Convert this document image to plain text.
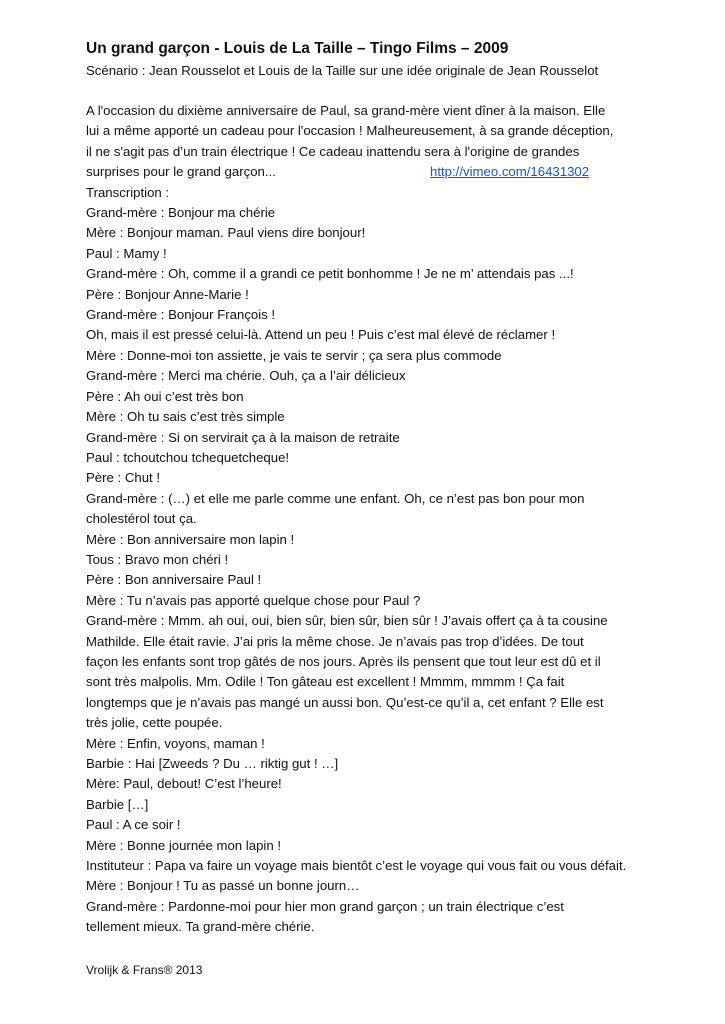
Un grand garçon - Louis de La Taille – Tingo Films – 2009

Scénario : Jean Rousselot et Louis de la Taille sur une idée originale de Jean Rousselot

A l'occasion du dixième anniversaire de Paul, sa grand-mère vient dîner à la maison. Elle
lui a même apporté un cadeau pour l'occasion ! Malheureusement, à sa grande déception,
il ne s'agit pas d’un train électrique ! Ce cadeau inattendu sera à l'origine de grandes
surprises pour le grand garçon...	http://vimeo.com/16431302
Transcription :
Grand-mère : Bonjour ma chérie
Mère : Bonjour maman. Paul viens dire bonjour!
Paul : Mamy !
Grand-mère : Oh, comme il a grandi ce petit bonhomme ! Je ne m’ attendais pas ...!
Père : Bonjour Anne-Marie !
Grand-mère : Bonjour François !
Oh, mais il est pressé celui-là. Attend un peu ! Puis c’est mal élevé de réclamer !
Mère : Donne-moi ton assiette, je vais te servir ; ça sera plus commode
Grand-mère : Merci ma chérie. Ouh, ça a l’air délicieux
Père : Ah oui c’est très bon
Mère : Oh tu sais c’est très simple
Grand-mère : Si on servirait ça à la maison de retraite
Paul : tchoutchou tchequetcheque!
Père : Chut !
Grand-mère : (…) et elle me parle comme une enfant. Oh, ce n’est pas bon pour mon
cholestérol tout ça.
Mère : Bon anniversaire mon lapin !
Tous : Bravo mon chéri !
Père : Bon anniversaire Paul !
Mère : Tu n’avais pas apporté quelque chose pour Paul ?
Grand-mère : Mmm. ah oui, oui, bien sûr, bien sûr, bien sûr ! J’avais offert ça à ta cousine
Mathilde. Elle était ravie. J’ai pris la même chose. Je n’avais pas trop d’idées. De tout
façon les enfants sont trop gâtés de nos jours. Après ils pensent que tout leur est dû et il
sont très malpolis. Mm. Odile ! Ton gâteau est excellent ! Mmmm, mmmm ! Ça fait
longtemps que je n’avais pas mangé un aussi bon. Qu’est-ce qu’il a, cet enfant ? Elle est
très jolie, cette poupée.
Mère : Enfin, voyons, maman !
Barbie : Hai [Zweeds ? Du … riktig gut ! …]
Mère: Paul, debout! C’est l’heure!
Barbie […]
Paul : A ce soir !
Mère : Bonne journée mon lapin !
Instituteur : Papa va faire un voyage mais bientôt c’est le voyage qui vous fait ou vous défait.
Mère : Bonjour ! Tu as passé un bonne journ…
Grand-mère : Pardonne-moi pour hier mon grand garçon ; un train électrique c’est
tellement mieux. Ta grand-mère chérie.
Vrolijk & Frans® 2013
